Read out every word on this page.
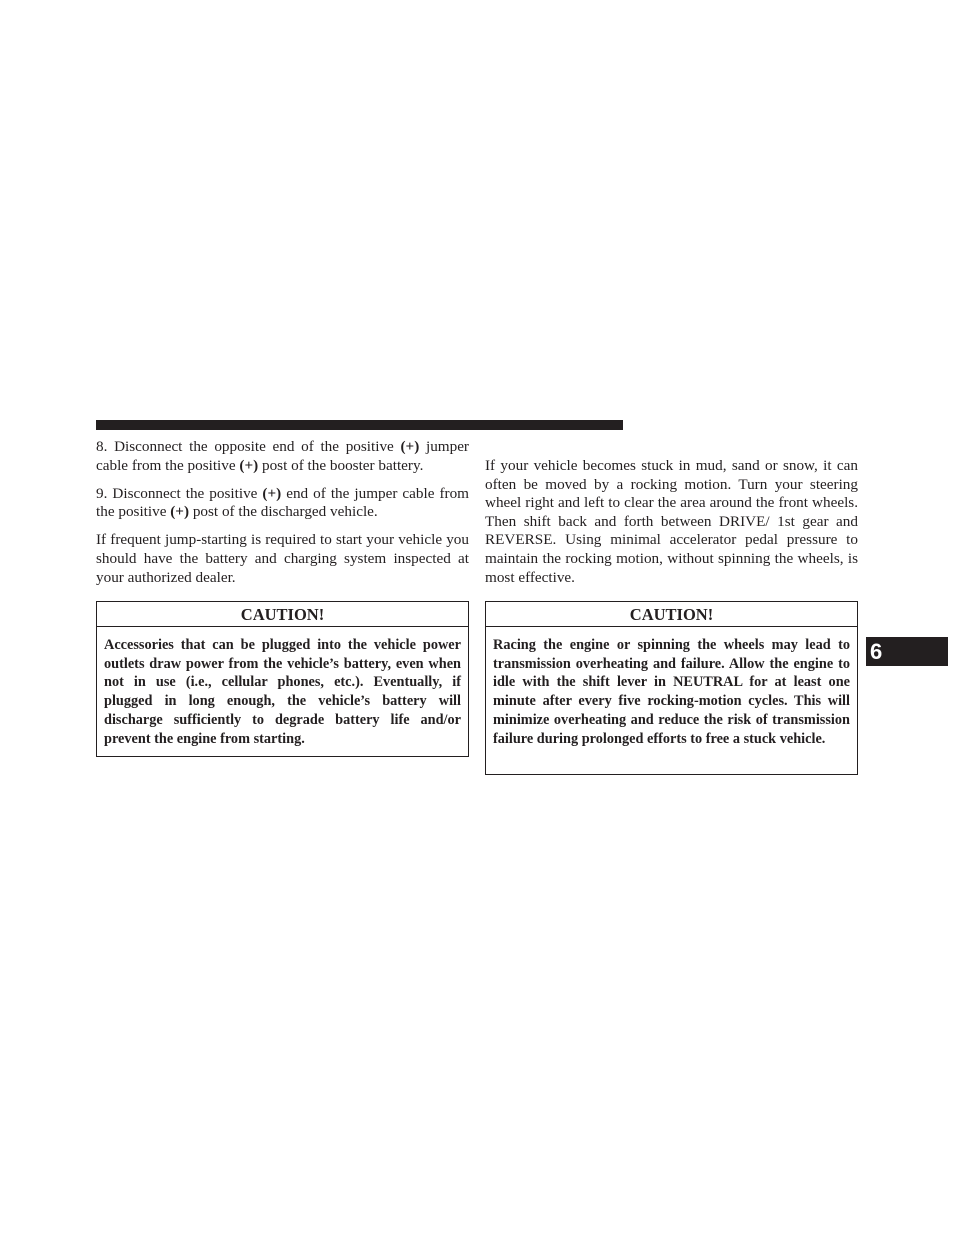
8. Disconnect the opposite end of the positive (+) jumper cable from the positive (+) post of the booster battery.

9. Disconnect the positive (+) end of the jumper cable from the positive (+) post of the discharged vehicle.

If frequent jump-starting is required to start your vehicle you should have the battery and charging system inspected at your authorized dealer.

If your vehicle becomes stuck in mud, sand or snow, it can often be moved by a rocking motion. Turn your steering wheel right and left to clear the area around the front wheels. Then shift back and forth between DRIVE/ 1st gear and REVERSE. Using minimal accelerator pedal pressure to maintain the rocking motion, without spinning the wheels, is most effective.

CAUTION!
Accessories that can be plugged into the vehicle power outlets draw power from the vehicle’s battery, even when not in use (i.e., cellular phones, etc.). Eventually, if plugged in long enough, the vehicle’s battery will discharge sufficiently to degrade battery life and/or prevent the engine from starting.
CAUTION!
Racing the engine or spinning the wheels may lead to transmission overheating and failure. Allow the engine to idle with the shift lever in NEUTRAL for at least one minute after every five rocking-motion cycles. This will minimize overheating and reduce the risk of transmission failure during prolonged efforts to free a stuck vehicle.
6
